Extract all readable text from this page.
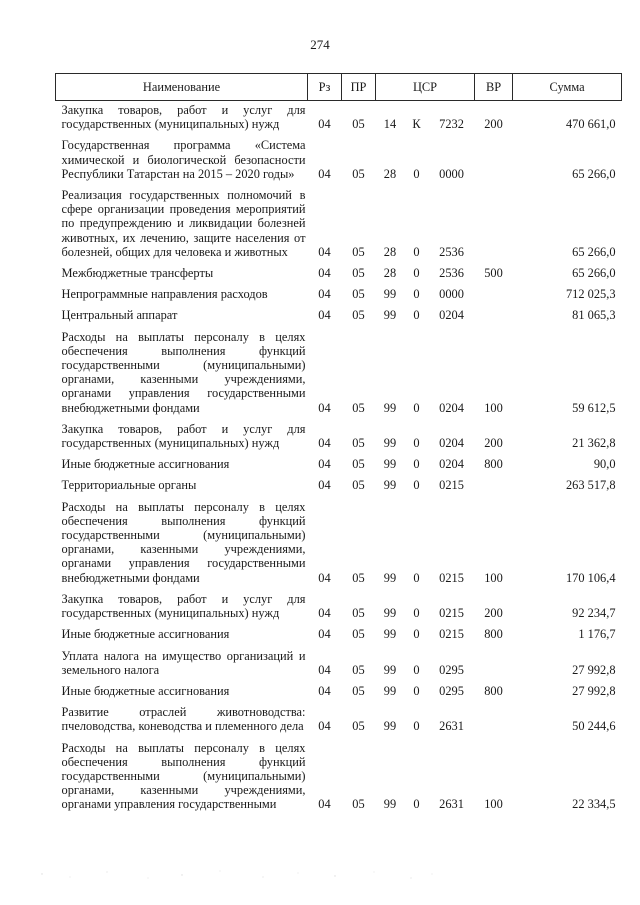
274
Наименование	Рз	ПР	ЦСР			ВР	Сумма
Закупка товаров, работ и услуг для государственных (муниципальных) нужд	04	05	14	К	7232	200	470 661,0
Государственная программа «Система химической и биологической безопасности Республики Татарстан на 2015 – 2020 годы»	04	05	28	0	0000		65 266,0
Реализация государственных полномочий в сфере организации проведения мероприятий по предупреждению и ликвидации болезней животных, их лечению, защите населения от болезней, общих для человека и животных	04	05	28	0	2536		65 266,0
Межбюджетные трансферты	04	05	28	0	2536	500	65 266,0
Непрограммные направления расходов	04	05	99	0	0000		712 025,3
Центральный аппарат	04	05	99	0	0204		81 065,3
Расходы на выплаты персоналу в целях обеспечения выполнения функций государственными (муниципальными) органами, казенными учреждениями, органами управления государственными внебюджетными фондами	04	05	99	0	0204	100	59 612,5
Закупка товаров, работ и услуг для государственных (муниципальных) нужд	04	05	99	0	0204	200	21 362,8
Иные бюджетные ассигнования	04	05	99	0	0204	800	90,0
Территориальные органы	04	05	99	0	0215		263 517,8
Расходы на выплаты персоналу в целях обеспечения выполнения функций государственными (муниципальными) органами, казенными учреждениями, органами управления государственными внебюджетными фондами	04	05	99	0	0215	100	170 106,4
Закупка товаров, работ и услуг для государственных (муниципальных) нужд	04	05	99	0	0215	200	92 234,7
Иные бюджетные ассигнования	04	05	99	0	0215	800	1 176,7
Уплата налога на имущество организаций и земельного налога	04	05	99	0	0295		27 992,8
Иные бюджетные ассигнования	04	05	99	0	0295	800	27 992,8
Развитие отраслей животноводства: пчеловодства, коневодства и племенного дела	04	05	99	0	2631		50 244,6
Расходы на выплаты персоналу в целях обеспечения выполнения функций государственными (муниципальными) органами, казенными учреждениями, органами управления государственными	04	05	99	0	2631	100	22 334,5
